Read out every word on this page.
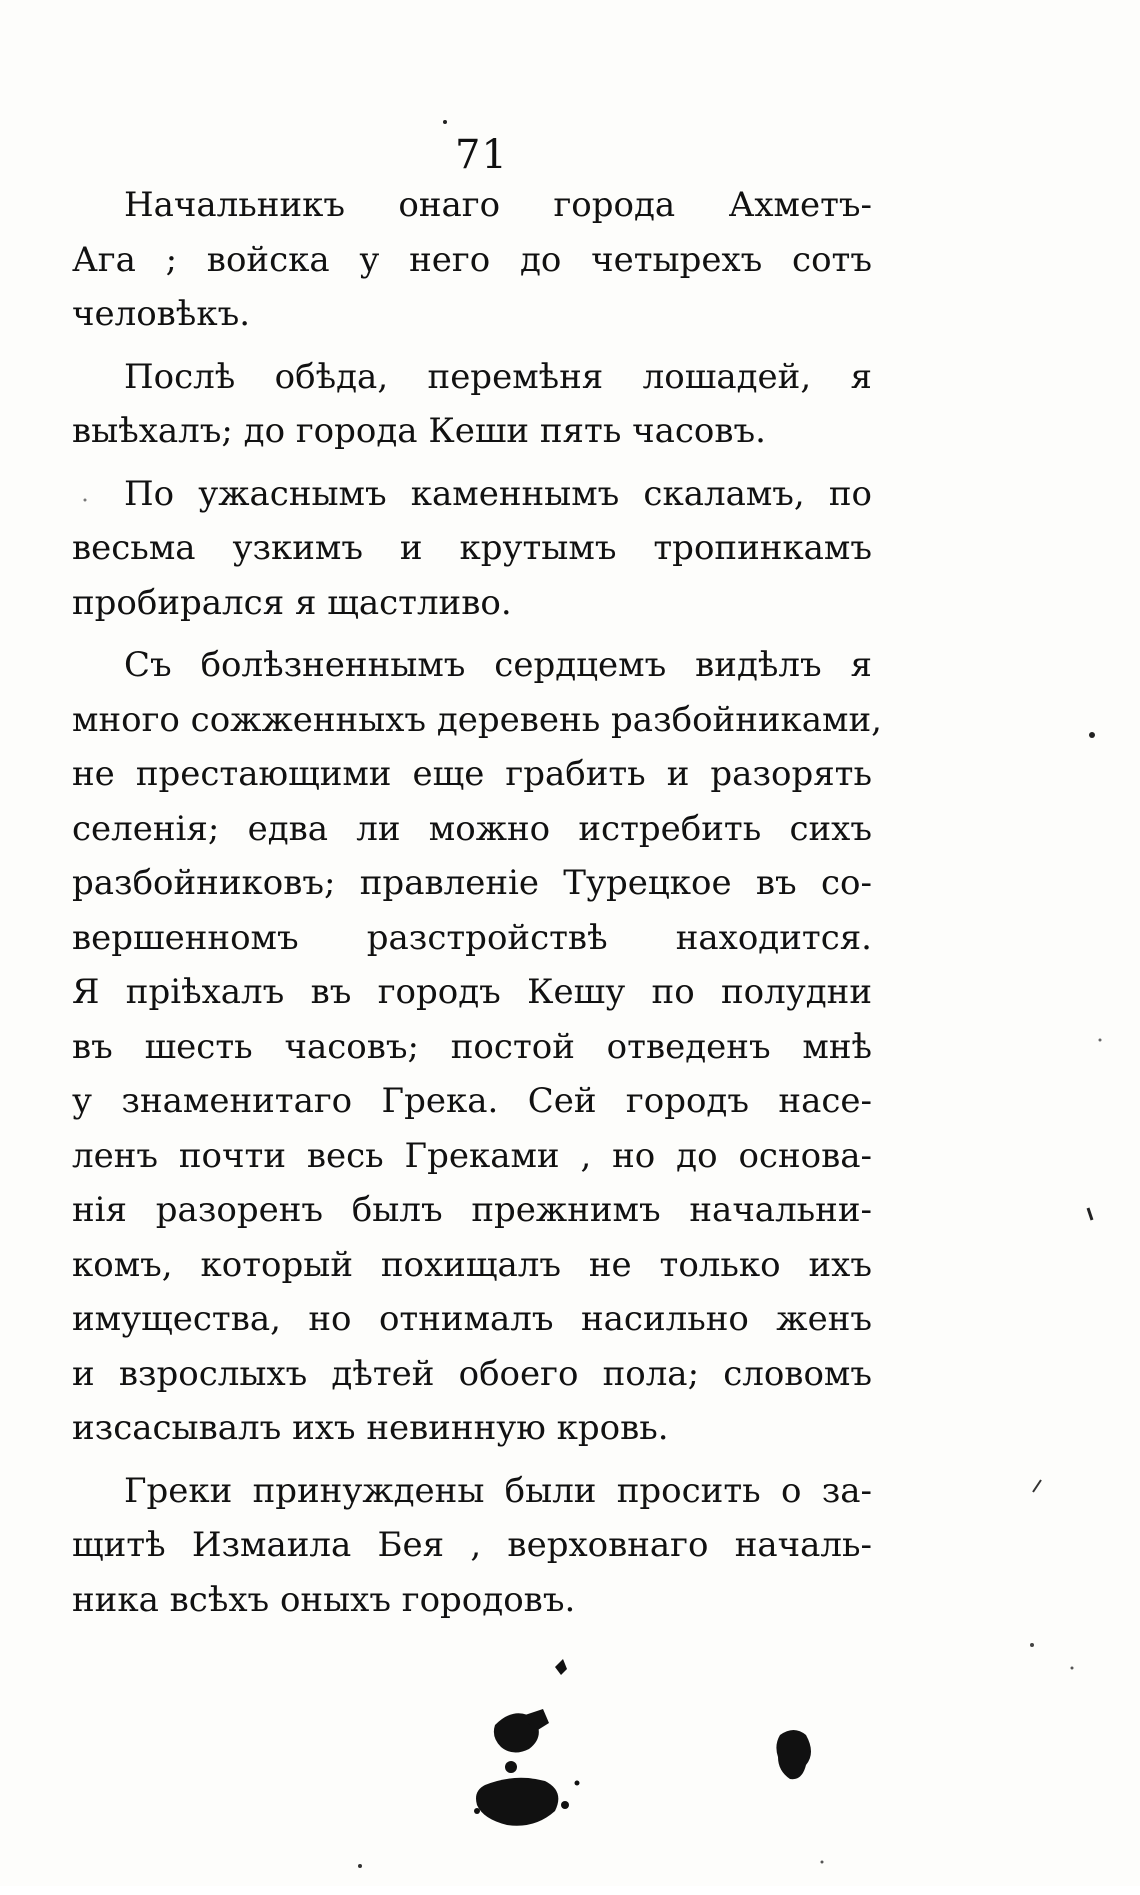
71

Начальникъ онаго города Ахметъ-
Ага ; войска у него до четырехъ сотъ
человѣкъ.

Послѣ обѣда, перемѣня лошадей, я
выѣхалъ; до города Кеши пять часовъ.

По ужаснымъ каменнымъ скаламъ, по
весьма узкимъ и крутымъ тропинкамъ
пробирался я щастливо.

Съ болѣзненнымъ сердцемъ видѣлъ я
много сожженныхъ деревень разбойниками,
не престающими еще грабить и разорять
селенія; едва ли можно истребить сихъ
разбойниковъ; правленіе Турецкое въ со-
вершенномъ разстройствѣ находится.
Я пріѣхалъ въ городъ Кешу по полудни
въ шесть часовъ; постой отведенъ мнѣ
у знаменитаго Грека. Сей городъ насе-
ленъ почти весь Греками , но до основа-
нія разоренъ былъ прежнимъ начальни-
комъ, который похищалъ не только ихъ
имущества, но отнималъ насильно женъ
и взрослыхъ дѣтей обоего пола; словомъ
изсасывалъ ихъ невинную кровь.

Греки принуждены были просить о за-
щитѣ Измаила Бея , верховнаго началь-
ника всѣхъ оныхъ городовъ.
